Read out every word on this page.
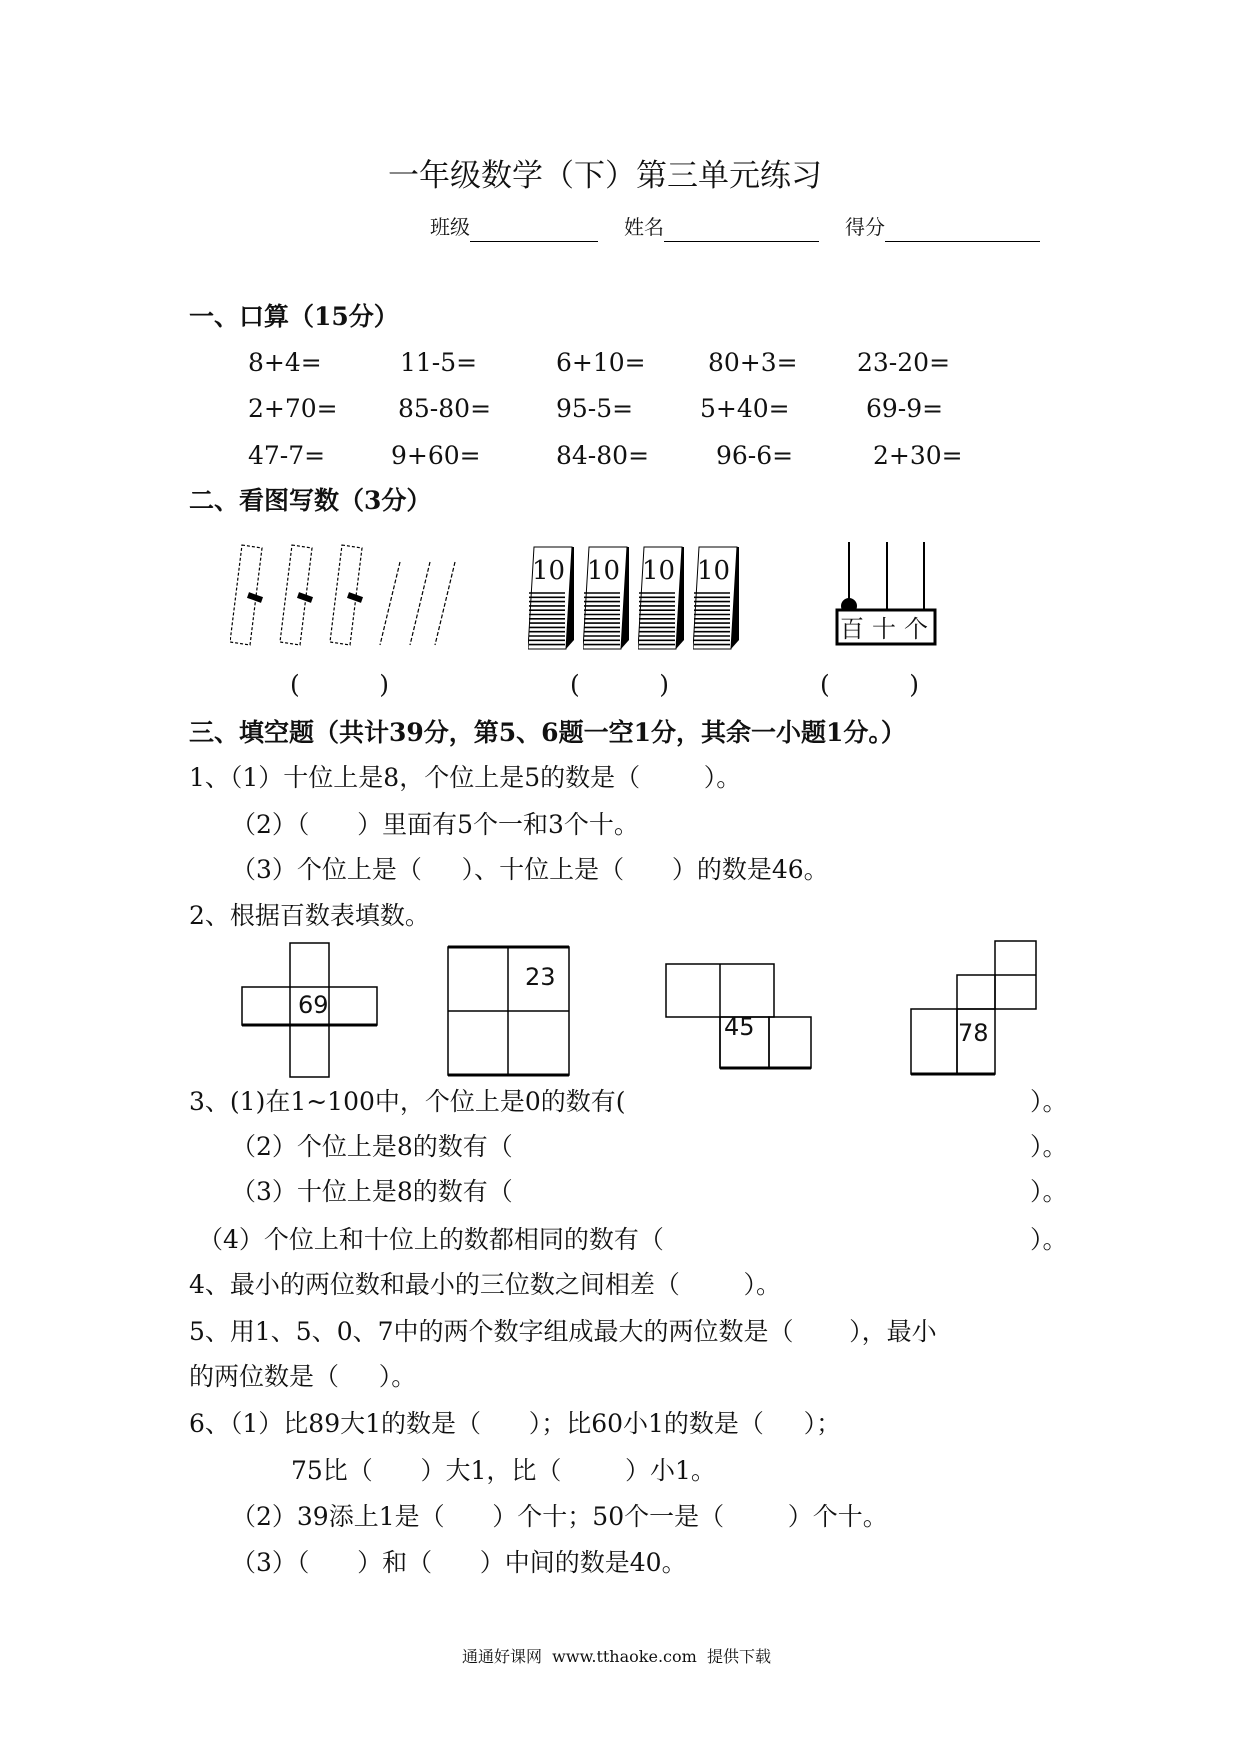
一年级数学（下）第三单元练习
班级	姓名	得分
一、口算（15分）
8+4=	11-5=	6+10= 80+3= 23-20=
2+70= 85-80=	95-5=	5+40=	69-9=
47-7=	9+60=	84-80=	96-6=	2+30=
二、看图写数（3分）
10 10 10 10
百十个
(          )	(          )	(          )
三、填空题（共计39分，第5、6题一空1分，其余一小题1分。）
1、（1）十位上是8，个位上是5的数是（        ）。
（2）（      ）里面有5个一和3个十。
（3）个位上是（     ）、十位上是（      ）的数是46。
2、根据百数表填数。
69
23
45	78
3、(1)在1~100中，个位上是0的数有(
（2）个位上是8的数有（
（3）十位上是8的数有（
（4）个位上和十位上的数都相同的数有（
）。
）。
）。
）。
4、最小的两位数和最小的三位数之间相差（        ）。
5、用1、5、0、7中的两个数字组成最大的两位数是（       ），最小
的两位数是（     ）。
6、（1）比89大1的数是（      ）；比60小1的数是（     ）；
75比（      ）大1，比（        ）小1。
（2）39添上1是（      ）个十；50个一是（        ）个十。
（3）（      ）和（      ）中间的数是40。
通通好课网  www.tthaoke.com  提供下载
